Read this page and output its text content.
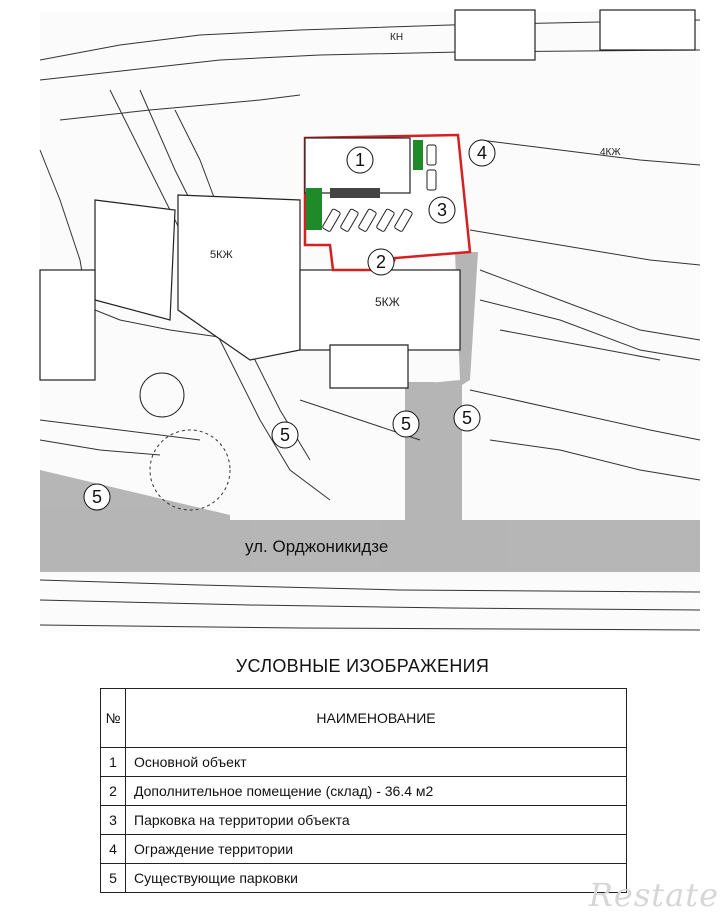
5КЖ
5КЖ
4КЖ
КН
1
2
3
4
5
5	5
5
ул. Орджоникидзе
УСЛОВНЫЕ ИЗОБРАЖЕНИЯ
№	НАИМЕНОВАНИЕ
1	Основной объект
2	Дополнительное помещение (склад) - 36.4 м2
3	Парковка на территории объекта
4	Ограждение территории
5	Существующие парковки	Restate
